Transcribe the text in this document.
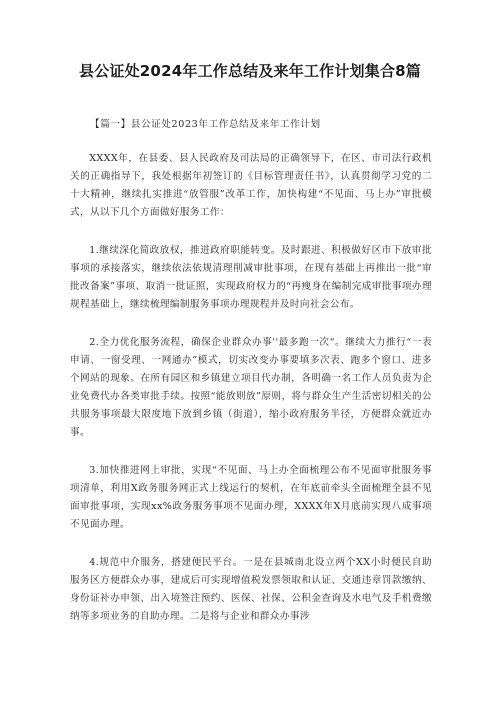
县公证处2024年工作总结及来年工作计划集合8篇

【篇一】县公证处2023年工作总结及来年工作计划

XXXX年，在县委、县人民政府及司法局的正确领导下，在区、市司法行政机关的正确指导下，我处根据年初签订的《目标管理责任书》，认真贯彻学习党的二十大精神，继续扎实推进“放管服”改革工作，加快构建“不见面、马上办”审批模式，从以下几个方面做好服务工作：

1.继续深化简政放权，推进政府职能转变。及时跟进、积极做好区市下放审批事项的承接落实，继续依法依规清理削减审批事项，在现有基础上再推出一批“审批改备案”事项、取消一批证照，实现政府权力的“再瘦身在编制完成审批事项办理规程基础上，继续梳理编制服务事项办理规程并及时向社会公布。

2.全力优化服务流程，确保企业群众办事''最多跑一次“。继续大力推行“一表申请、一窗受理、一网通办”模式，切实改变办事要填多次表、跑多个窗口、进多个网站的现象。在所有园区和乡镇建立项目代办制，各明确一名工作人员负责为企业免费代办各类审批手续。按照“能放则放”原则，将与群众生产生活密切相关的公共服务事项最大限度地下放到乡镇（街道），缩小政府服务半径，方便群众就近办事。

3.加快推进网上审批，实现“不见面、马上办全面梳理公布不见面审批服务事项清单，利用X政务服务网正式上线运行的契机，在年底前牵头全面梳理全县不见面审批事项，实现xx%政务服务事项不见面办理，XXXX年X月底前实现八成事项不见面办理。

4.规范中介服务，搭建便民平台。一是在县城南北设立两个XX小时便民自助服务区方便群众办事，建成后可实现增值税发票领取和认证、交通违章罚款缴纳、身份证补办申领、出入境签注预约、医保、社保、公积金查询及水电气及手机费缴纳等多项业务的自助办理。二是将与企业和群众办事涉
